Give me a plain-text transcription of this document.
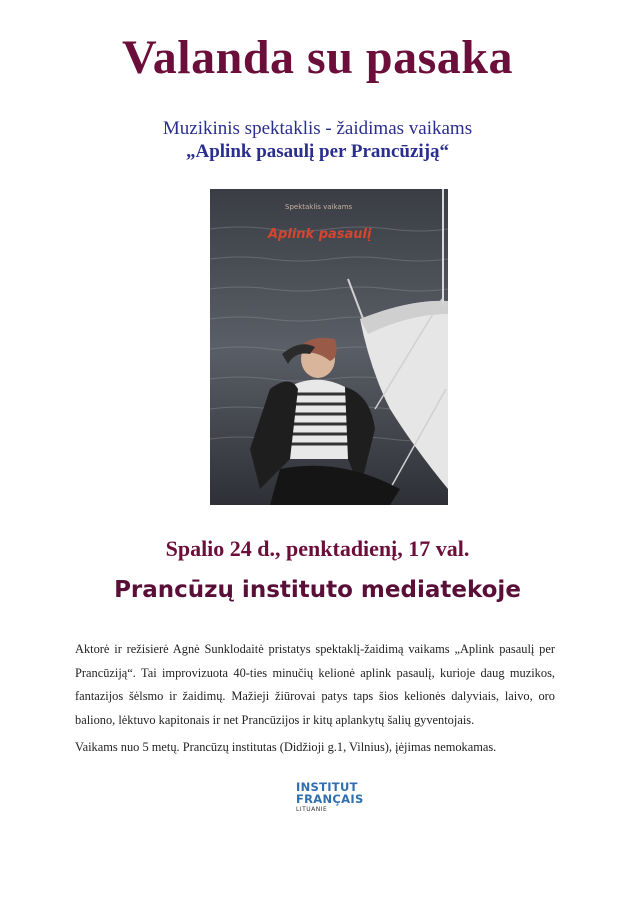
Valanda su pasaka
Muzikinis spektaklis - žaidimas vaikams
„Aplink pasaulį per Prancūziją“
Spektaklis vaikams
Aplink pasaulį
Spalio 24 d., penktadienį, 17 val.
Prancūzų instituto mediatekoje
Aktorė ir režisierė Agnė Sunklodaitė pristatys spektaklį-žaidimą vaikams „Aplink pasaulį per Prancūziją“. Tai improvizuota 40-ties minučių kelionė aplink pasaulį, kurioje daug muzikos, fantazijos šėlsmo ir žaidimų. Mažieji žiūrovai patys taps šios kelionės dalyviais, laivo, oro baliono, lėktuvo kapitonais ir net Prancūzijos ir kitų aplankytų šalių gyventojais.
Vaikams nuo 5 metų. Prancūzų institutas (Didžioji g.1, Vilnius), įėjimas nemokamas.
INSTITUT
FRANÇAIS
LITUANIE
